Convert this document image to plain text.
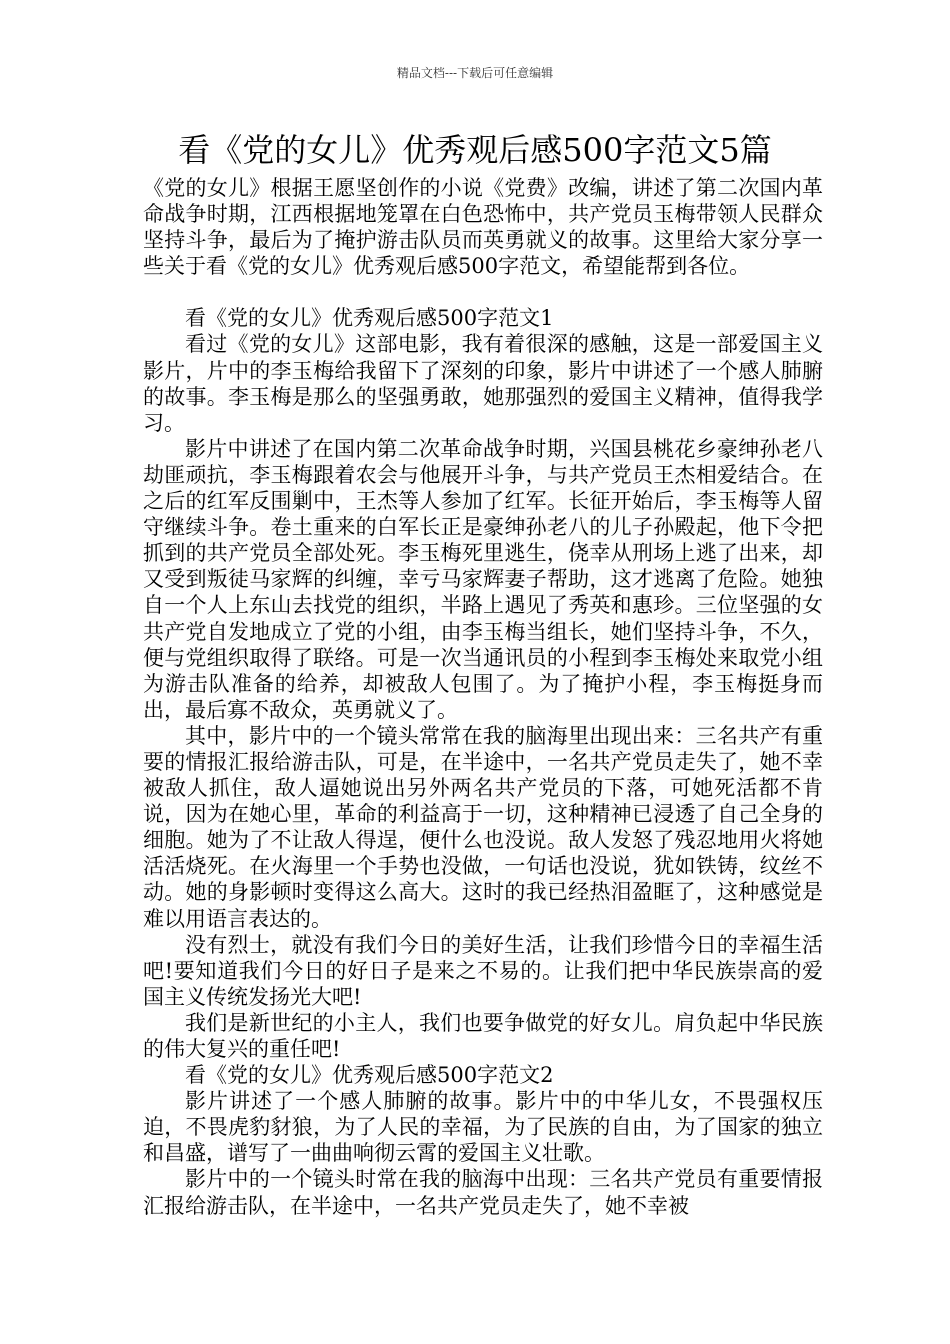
精品文档---下载后可任意编辑
看《党的女儿》优秀观后感500字范文5篇

《党的女儿》根据王愿坚创作的小说《党费》改编，讲述了第二次国内革命战争时期，江西根据地笼罩在白色恐怖中，共产党员玉梅带领人民群众坚持斗争，最后为了掩护游击队员而英勇就义的故事。这里给大家分享一些关于看《党的女儿》优秀观后感500字范文，希望能帮到各位。

看《党的女儿》优秀观后感500字范文1

看过《党的女儿》这部电影，我有着很深的感触，这是一部爱国主义影片，片中的李玉梅给我留下了深刻的印象，影片中讲述了一个感人肺腑的故事。李玉梅是那么的坚强勇敢，她那强烈的爱国主义精神，值得我学习。

影片中讲述了在国内第二次革命战争时期，兴国县桃花乡豪绅孙老八劫匪顽抗，李玉梅跟着农会与他展开斗争，与共产党员王杰相爱结合。在之后的红军反围剿中，王杰等人参加了红军。长征开始后，李玉梅等人留守继续斗争。卷土重来的白军长正是豪绅孙老八的儿子孙殿起，他下令把抓到的共产党员全部处死。李玉梅死里逃生，侥幸从刑场上逃了出来，却又受到叛徒马家辉的纠缠，幸亏马家辉妻子帮助，这才逃离了危险。她独自一个人上东山去找党的组织，半路上遇见了秀英和惠珍。三位坚强的女共产党自发地成立了党的小组，由李玉梅当组长，她们坚持斗争，不久，便与党组织取得了联络。可是一次当通讯员的小程到李玉梅处来取党小组为游击队准备的给养，却被敌人包围了。为了掩护小程，李玉梅挺身而出，最后寡不敌众，英勇就义了。

其中，影片中的一个镜头常常在我的脑海里出现出来：三名共产有重要的情报汇报给游击队，可是，在半途中，一名共产党员走失了，她不幸被敌人抓住，敌人逼她说出另外两名共产党员的下落，可她死活都不肯说，因为在她心里，革命的利益高于一切，这种精神已浸透了自己全身的细胞。她为了不让敌人得逞，便什么也没说。敌人发怒了残忍地用火将她活活烧死。在火海里一个手势也没做，一句话也没说，犹如铁铸，纹丝不动。她的身影顿时变得这么高大。这时的我已经热泪盈眶了，这种感觉是难以用语言表达的。

没有烈士，就没有我们今日的美好生活，让我们珍惜今日的幸福生活吧!要知道我们今日的好日子是来之不易的。让我们把中华民族崇高的爱国主义传统发扬光大吧!

我们是新世纪的小主人，我们也要争做党的好女儿。肩负起中华民族的伟大复兴的重任吧!

看《党的女儿》优秀观后感500字范文2

影片讲述了一个感人肺腑的故事。影片中的中华儿女，不畏强权压迫，不畏虎豹豺狼，为了人民的幸福，为了民族的自由，为了国家的独立和昌盛，谱写了一曲曲响彻云霄的爱国主义壮歌。

影片中的一个镜头时常在我的脑海中出现：三名共产党员有重要情报汇报给游击队，在半途中，一名共产党员走失了，她不幸被
